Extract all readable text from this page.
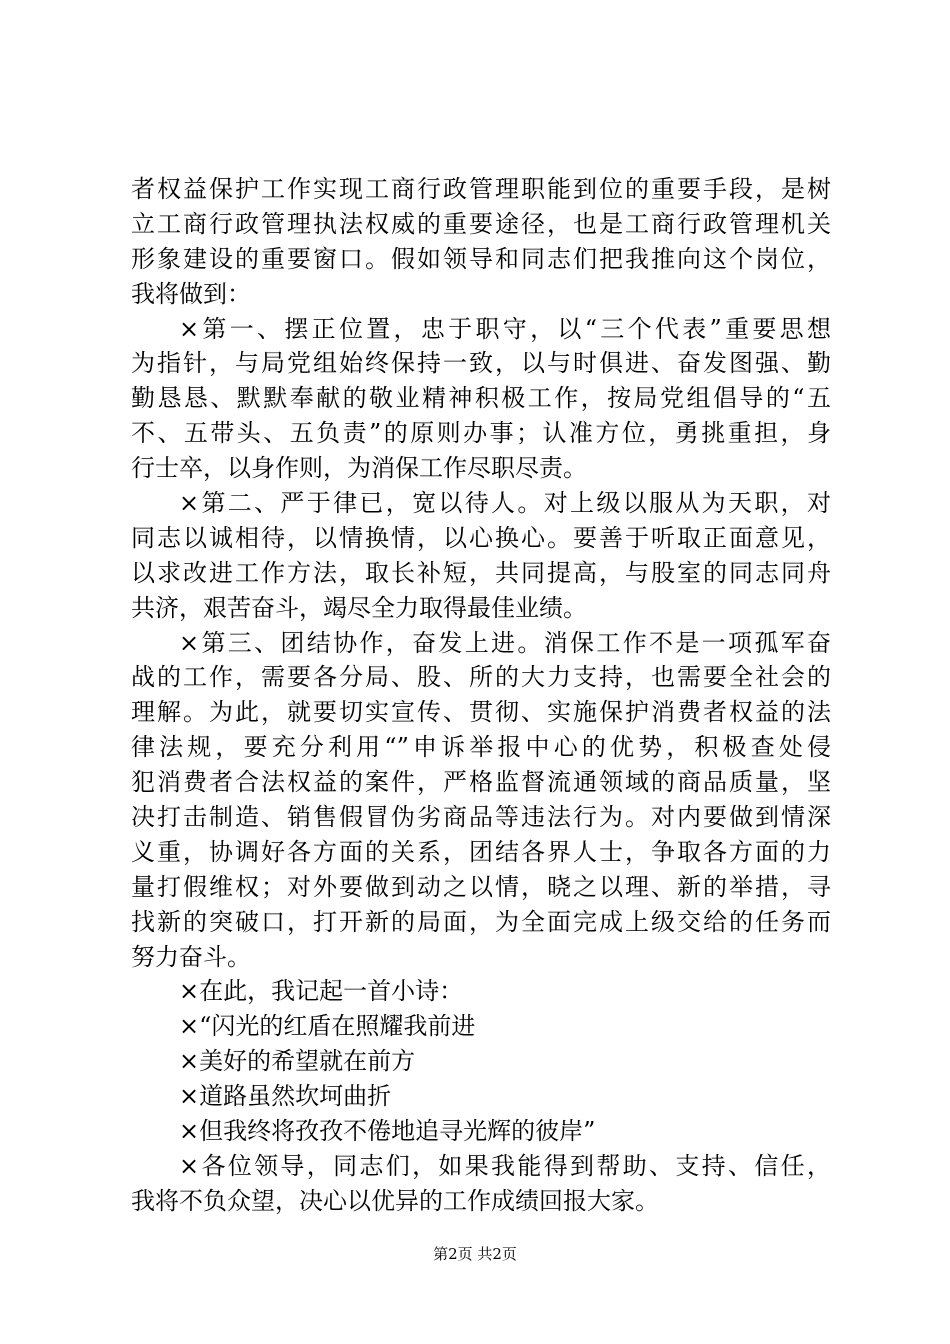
者权益保护工作实现工商行政管理职能到位的重要手段，是树
立工商行政管理执法权威的重要途径，也是工商行政管理机关
形象建设的重要窗口。假如领导和同志们把我推向这个岗位，
我将做到：
×第一、摆正位置，忠于职守，以“三个代表”重要思想
为指针，与局党组始终保持一致，以与时俱进、奋发图强、勤
勤恳恳、默默奉献的敬业精神积极工作，按局党组倡导的“五
不、五带头、五负责”的原则办事；认准方位，勇挑重担，身
行士卒，以身作则，为消保工作尽职尽责。
×第二、严于律已，宽以待人。对上级以服从为天职，对
同志以诚相待，以情换情，以心换心。要善于听取正面意见，
以求改进工作方法，取长补短，共同提高，与股室的同志同舟
共济，艰苦奋斗，竭尽全力取得最佳业绩。
×第三、团结协作，奋发上进。消保工作不是一项孤军奋
战的工作，需要各分局、股、所的大力支持，也需要全社会的
理解。为此，就要切实宣传、贯彻、实施保护消费者权益的法
律法规，要充分利用“”申诉举报中心的优势，积极查处侵
犯消费者合法权益的案件，严格监督流通领域的商品质量，坚
决打击制造、销售假冒伪劣商品等违法行为。对内要做到情深
义重，协调好各方面的关系，团结各界人士，争取各方面的力
量打假维权；对外要做到动之以情，晓之以理、新的举措，寻
找新的突破口，打开新的局面，为全面完成上级交给的任务而
努力奋斗。
×在此，我记起一首小诗：
×“闪光的红盾在照耀我前进
×美好的希望就在前方
×道路虽然坎坷曲折
×但我终将孜孜不倦地追寻光辉的彼岸”
×各位领导，同志们，如果我能得到帮助、支持、信任，
我将不负众望，决心以优异的工作成绩回报大家。
第2页 共2页
